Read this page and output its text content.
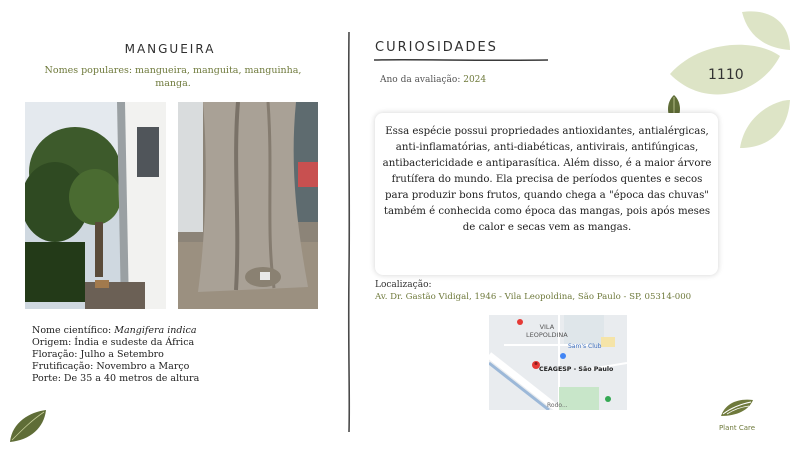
1110
MANGUEIRA
Nomes populares: mangueira, manguita, manguinha, manga.
Nome científico: Mangifera indica
Origem: Índia e sudeste da África
Floração: Julho a Setembro
Frutificação: Novembro a Março
Porte: De 35 a 40 metros de altura
CURIOSIDADES
Ano da avaliação: 2024
Essa espécie possui propriedades antioxidantes, antialérgicas, anti-inflamatórias, anti-diabéticas, antivirais, antifúngicas, antibactericidade e antiparasítica. Além disso, é a maior árvore frutífera do mundo. Ela precisa de períodos quentes e secos para produzir bons frutos, quando chega a "época das chuvas" também é conhecida como época das mangas, pois após meses de calor e secas vem as mangas.
Localização:
Av. Dr. Gastão Vidigal, 1946 - Vila Leopoldina, São Paulo - SP, 05314-000
VILA
LEOPOLDINA
Sam's Club
CEAGESP - São Paulo
Rodo...
Plant Care
